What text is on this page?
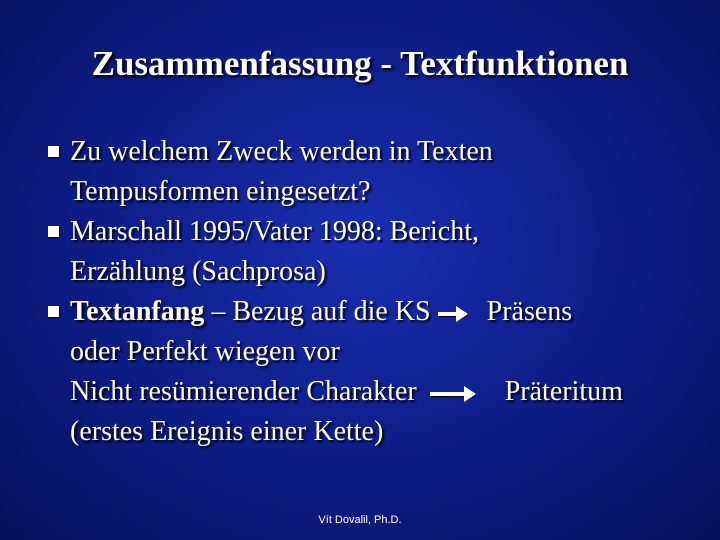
Zusammenfassung - Textfunktionen
Zu welchem Zweck werden in Texten
Tempusformen eingesetzt?
Marschall 1995/Vater 1998: Bericht,
Erzählung (Sachprosa)
Textanfang – Bezug auf die KS Präsens
oder Perfekt wiegen vor
Nicht resümierender Charakter	Präteritum
(erstes Ereignis einer Kette)
Vít Dovalil, Ph.D.
